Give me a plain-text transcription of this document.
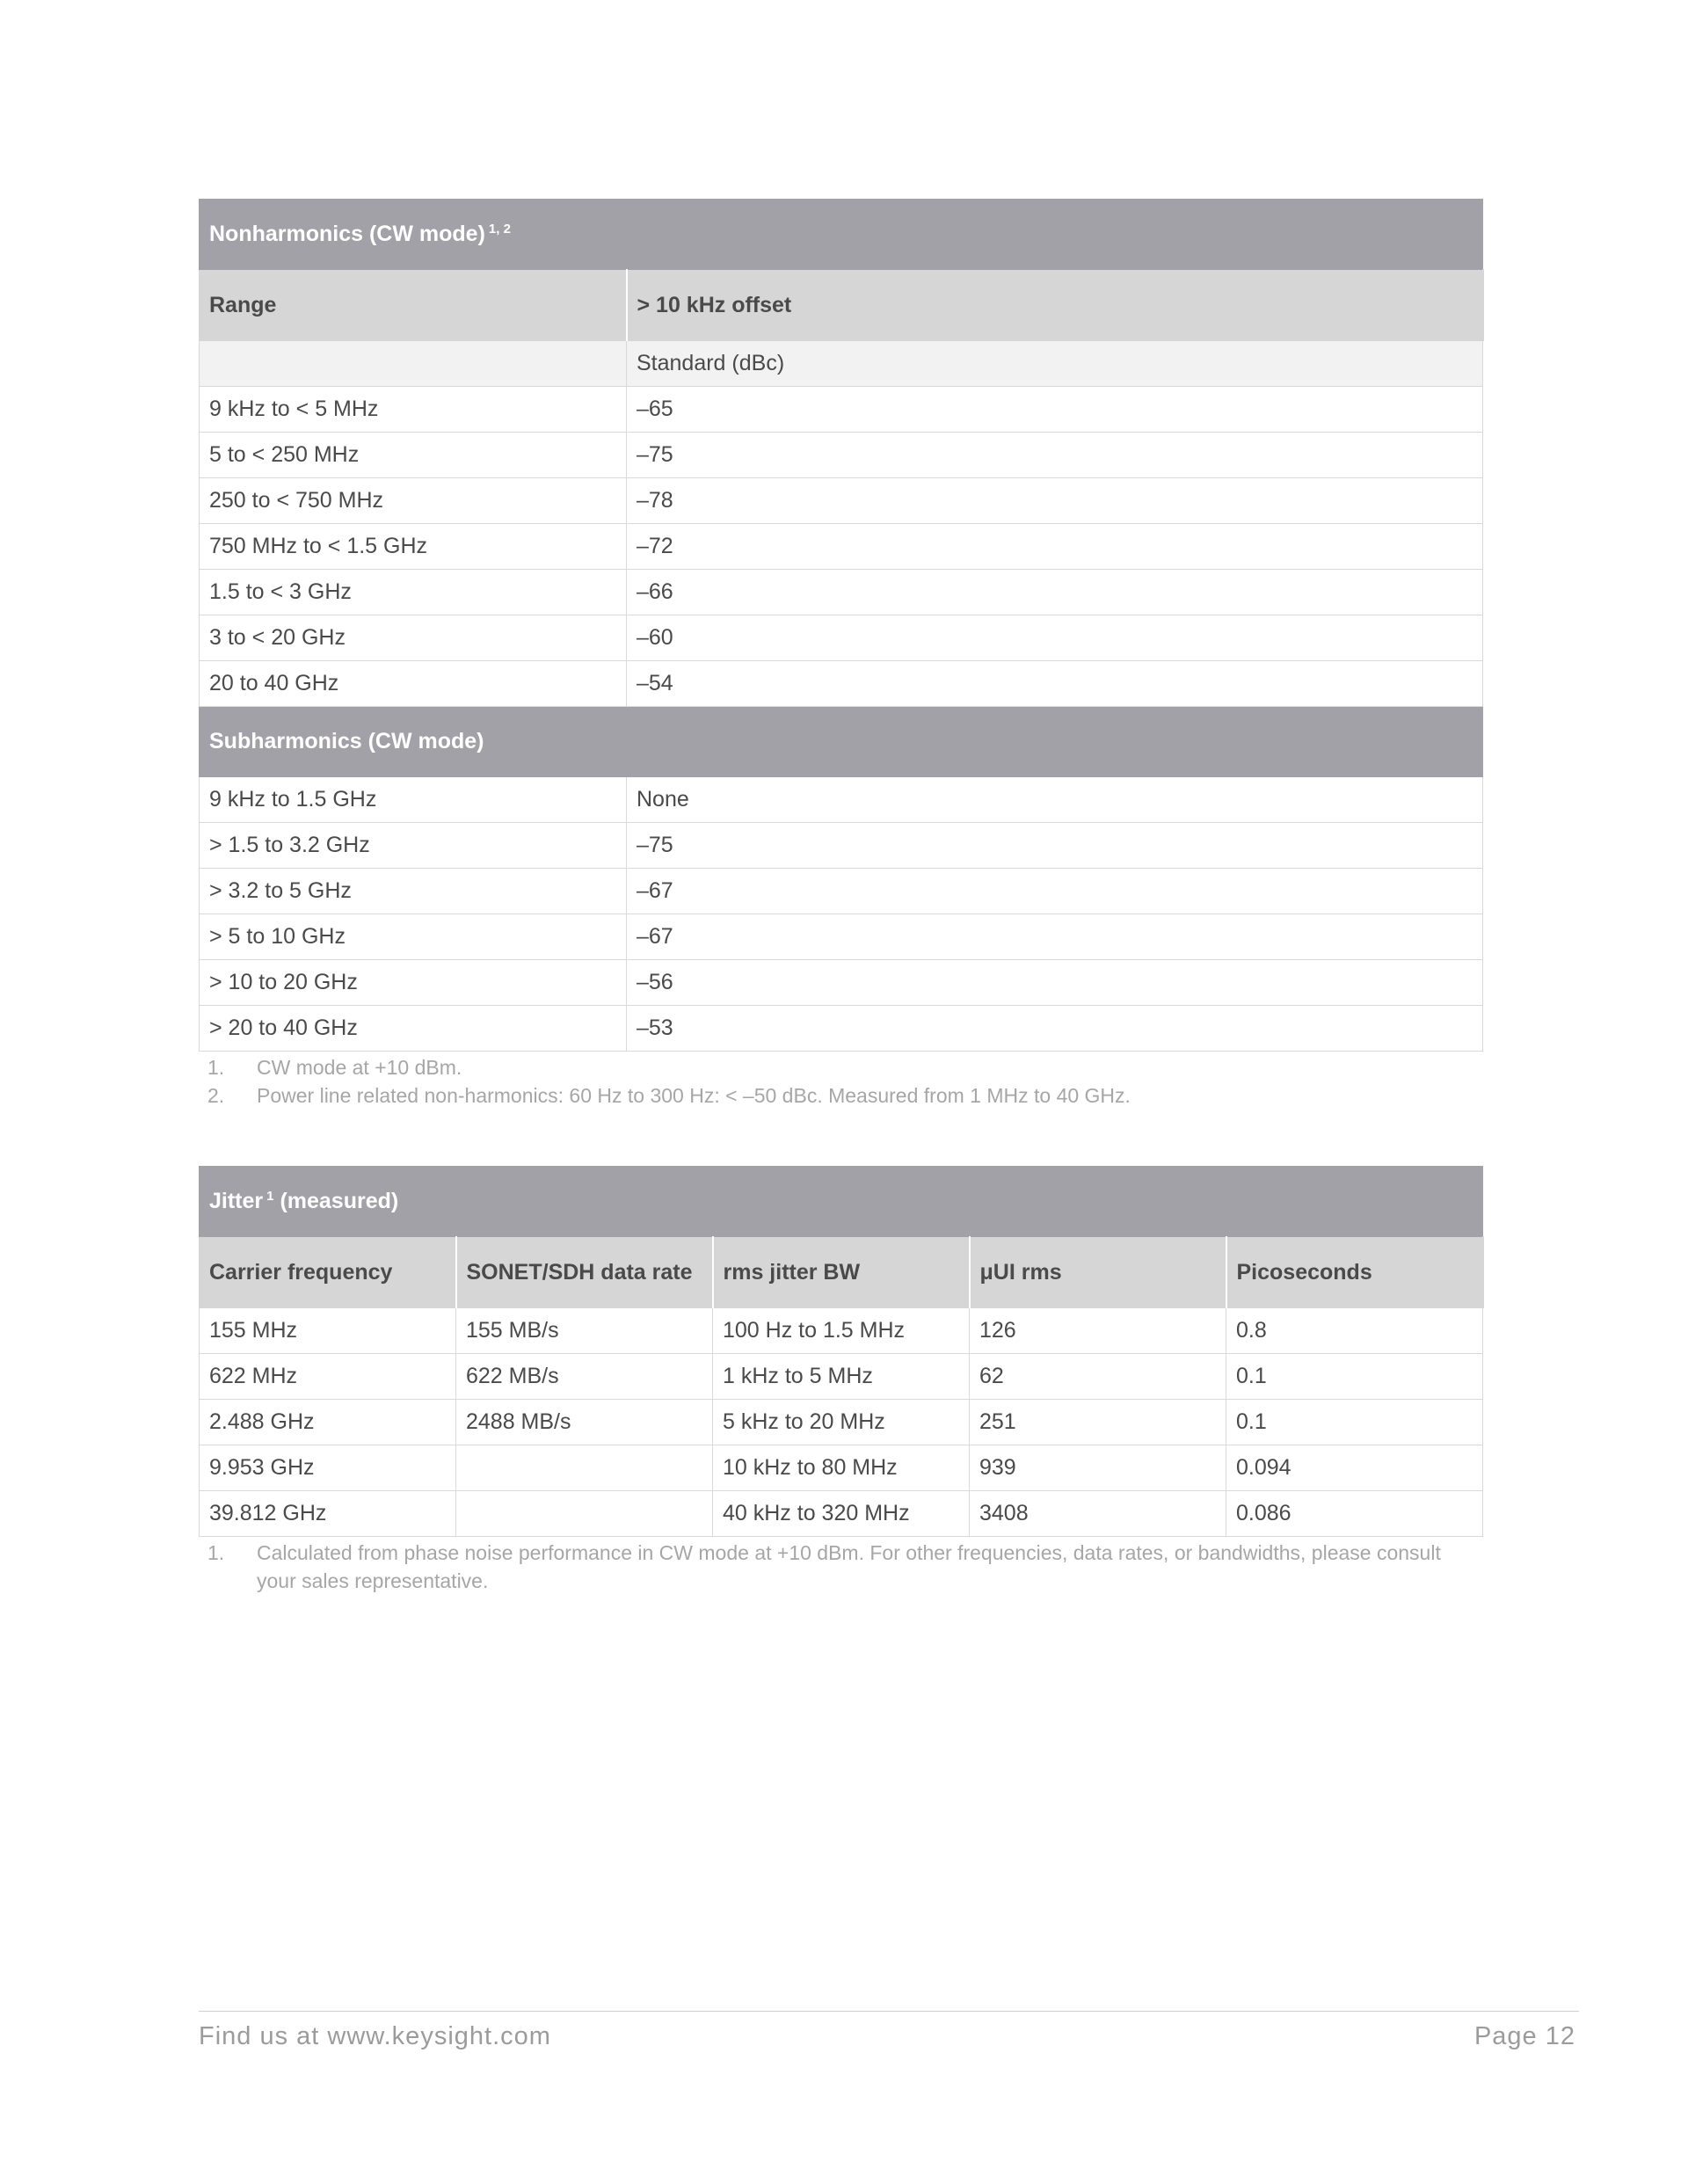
Nonharmonics (CW mode) $^{1, 2}$
Range	> 10 kHz offset
	Standard (dBc)
9 kHz to < 5 MHz	–65
5 to < 250 MHz	–75
250 to < 750 MHz	–78
750 MHz to < 1.5 GHz	–72
1.5 to < 3 GHz	–66
3 to < 20 GHz	–60
20 to 40 GHz	–54
Subharmonics (CW mode)	
9 kHz to 1.5 GHz	None
> 1.5 to 3.2 GHz	–75
> 3.2 to 5 GHz	–67
> 5 to 10 GHz	–67
> 10 to 20 GHz	–56
> 20 to 40 GHz	–53
1.	CW mode at +10 dBm.
2.	Power line related non-harmonics: 60 Hz to 300 Hz: < –50 dBc. Measured from 1 MHz to 40 GHz.
Jitter $^1$ (measured)				
Carrier frequency	SONET/SDH data rate	rms jitter BW	μUI rms	Picoseconds
155 MHz	155 MB/s	100 Hz to 1.5 MHz	126	0.8
622 MHz	622 MB/s	1 kHz to 5 MHz	62	0.1
2.488 GHz	2488 MB/s	5 kHz to 20 MHz	251	0.1
9.953 GHz		10 kHz to 80 MHz	939	0.094
39.812 GHz		40 kHz to 320 MHz	3408	0.086
1.	Calculated from phase noise performance in CW mode at +10 dBm. For other frequencies, data rates, or bandwidths, please consult your sales representative.
Find us at www.keysight.com	Page 12
